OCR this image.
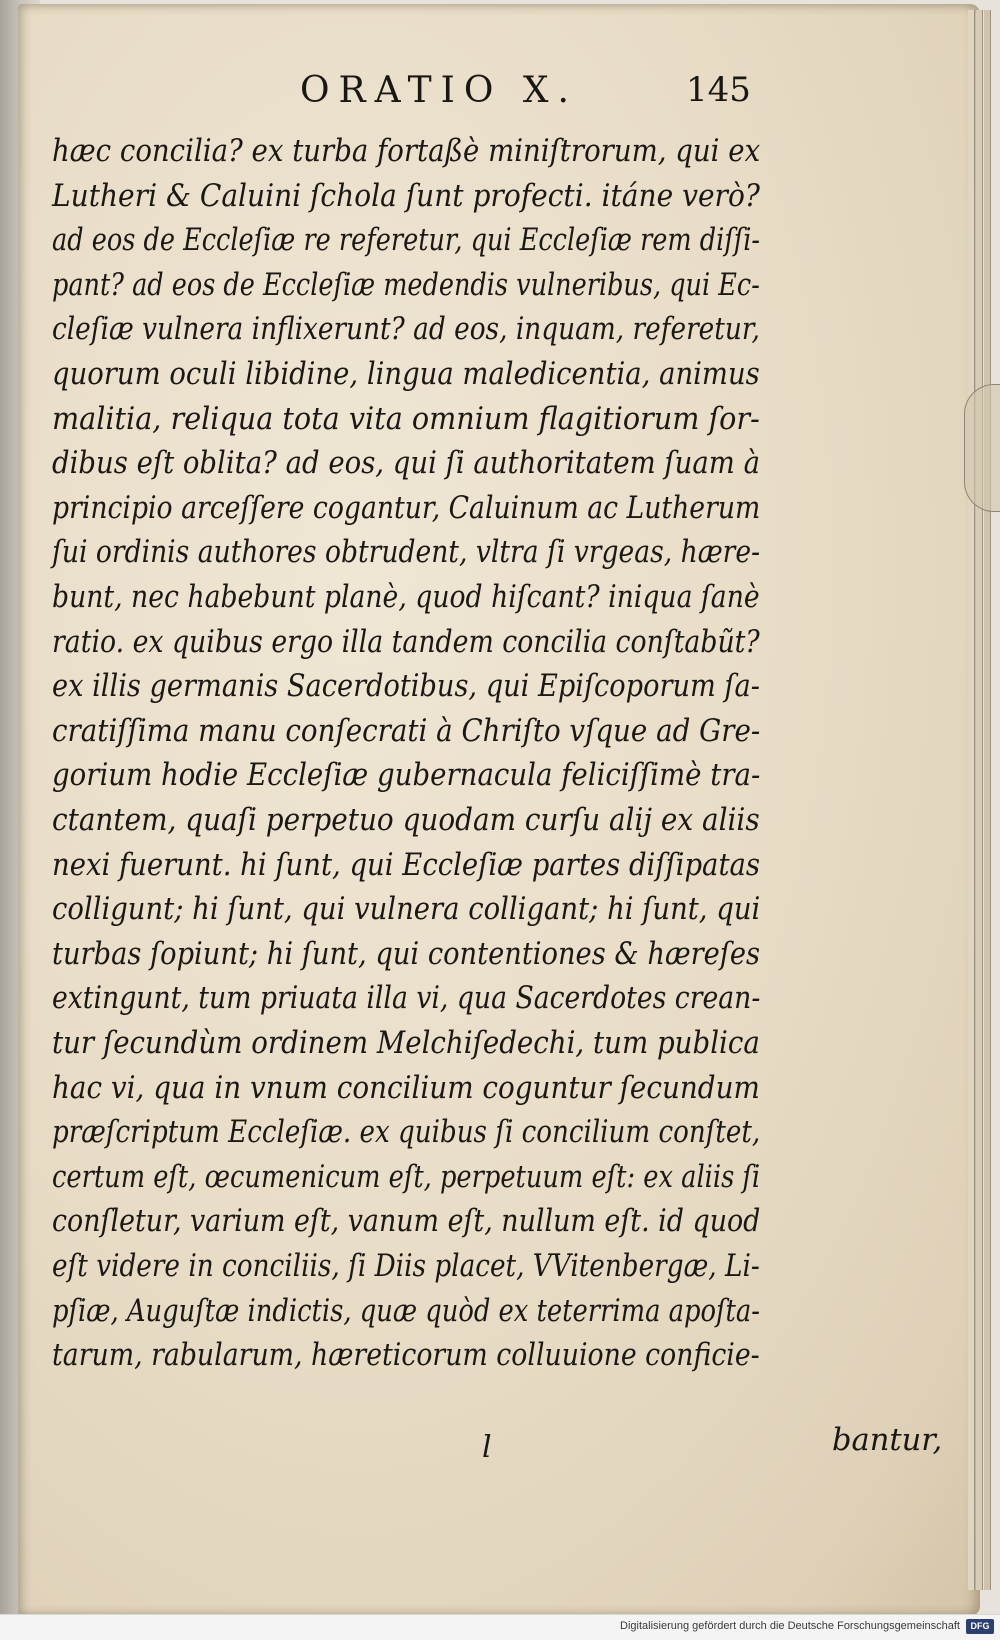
ORATIO X.	145
hæc concilia? ex turba fortaßè miniſtrorum, qui ex
Lutheri & Caluini ſchola ſunt profecti. itáne verò?
ad eos de Eccleſiæ re referetur, qui Eccleſiæ rem diſſi-
pant? ad eos de Eccleſiæ medendis vulneribus, qui Ec-
cleſiæ vulnera inflixerunt? ad eos, inquam, referetur,
quorum oculi libidine, lingua maledicentia, animus
malitia, reliqua tota vita omnium flagitiorum ſor-
dibus eſt oblita? ad eos, qui ſi authoritatem ſuam à
principio arceſſere cogantur, Caluinum ac Lutherum
ſui ordinis authores obtrudent, vltra ſi vrgeas, hære-
bunt, nec habebunt planè, quod hiſcant? iniqua ſanè
ratio. ex quibus ergo illa tandem concilia conſtabũt?
ex illis germanis Sacerdotibus, qui Epiſcoporum ſa-
cratiſſima manu conſecrati à Chriſto vſque ad Gre-
gorium hodie Eccleſiæ gubernacula feliciſſimè tra-
ctantem, quaſi perpetuo quodam curſu alij ex aliis
nexi fuerunt. hi ſunt, qui Eccleſiæ partes diſſipatas
colligunt; hi ſunt, qui vulnera colligant; hi ſunt, qui
turbas ſopiunt; hi ſunt, qui contentiones & hæreſes
extingunt, tum priuata illa vi, qua Sacerdotes crean-
tur ſecundùm ordinem Melchiſedechi, tum publica
hac vi, qua in vnum concilium coguntur ſecundum
præſcriptum Eccleſiæ. ex quibus ſi concilium conſtet,
certum eſt, œcumenicum eſt, perpetuum eſt: ex aliis ſi
conſletur, varium eſt, vanum eſt, nullum eſt. id quod
eſt videre in conciliis, ſi Diis placet, VVitenbergæ, Li-
pſiæ, Auguſtæ indictis, quæ quòd ex teterrima apoſta-
tarum, rabularum, hæreticorum colluuione conficie-
l	bantur,
Digitalisierung gefördert durch die Deutsche Forschungsgemeinschaft	DFG
